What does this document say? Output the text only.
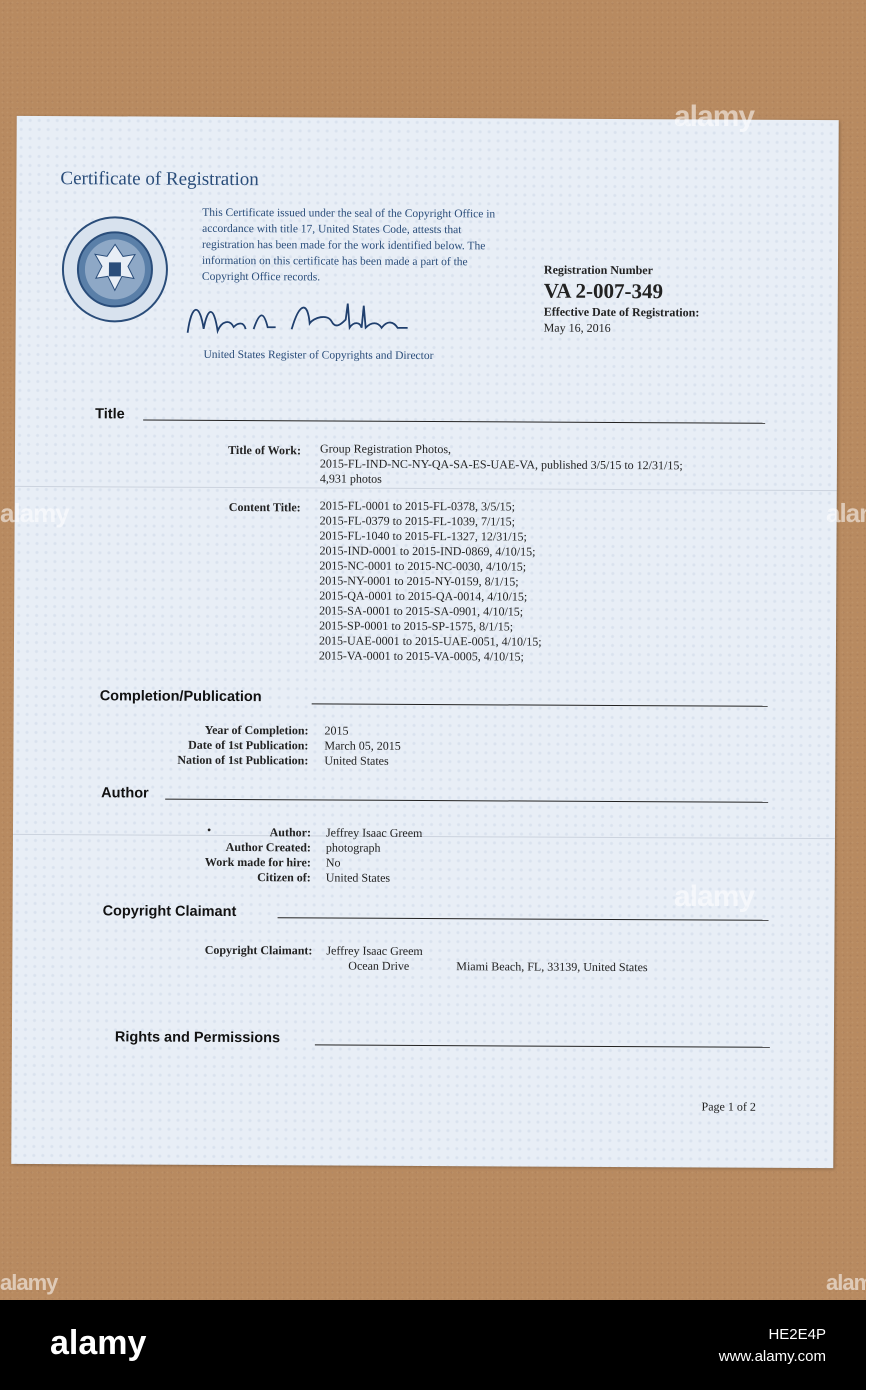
Certificate of Registration
This Certificate issued under the seal of the Copyright Office in accordance with title 17, United States Code, attests that registration has been made for the work identified below. The information on this certificate has been made a part of the Copyright Office records.
United States Register of Copyrights and Director
Registration Number
VA 2-007-349
Effective Date of Registration:
May 16, 2016
Title
Title of Work: Group Registration Photos,
2015-FL-IND-NC-NY-QA-SA-ES-UAE-VA, published 3/5/15 to 12/31/15;
4,931 photos
Content Title: 2015-FL-0001 to 2015-FL-0378, 3/5/15;
2015-FL-0379 to 2015-FL-1039, 7/1/15;
2015-FL-1040 to 2015-FL-1327, 12/31/15;
2015-IND-0001 to 2015-IND-0869, 4/10/15;
2015-NC-0001 to 2015-NC-0030, 4/10/15;
2015-NY-0001 to 2015-NY-0159, 8/1/15;
2015-QA-0001 to 2015-QA-0014, 4/10/15;
2015-SA-0001 to 2015-SA-0901, 4/10/15;
2015-SP-0001 to 2015-SP-1575, 8/1/15;
2015-UAE-0001 to 2015-UAE-0051, 4/10/15;
2015-VA-0001 to 2015-VA-0005, 4/10/15;
Completion/Publication
Year of Completion: 2015
Date of 1st Publication: March 05, 2015
Nation of 1st Publication: United States
Author
•	Author: Jeffrey Isaac Greem
Author Created: photograph
Work made for hire: No
Citizen of: United States
Copyright Claimant
Copyright Claimant: Jeffrey Isaac Greem
Ocean Drive	Miami Beach, FL, 33139, United States
Rights and Permissions
Page 1 of 2
alamy
alamy
alamy	alamy
alamy	alamy
alamy	HE2E4P
www.alamy.com
